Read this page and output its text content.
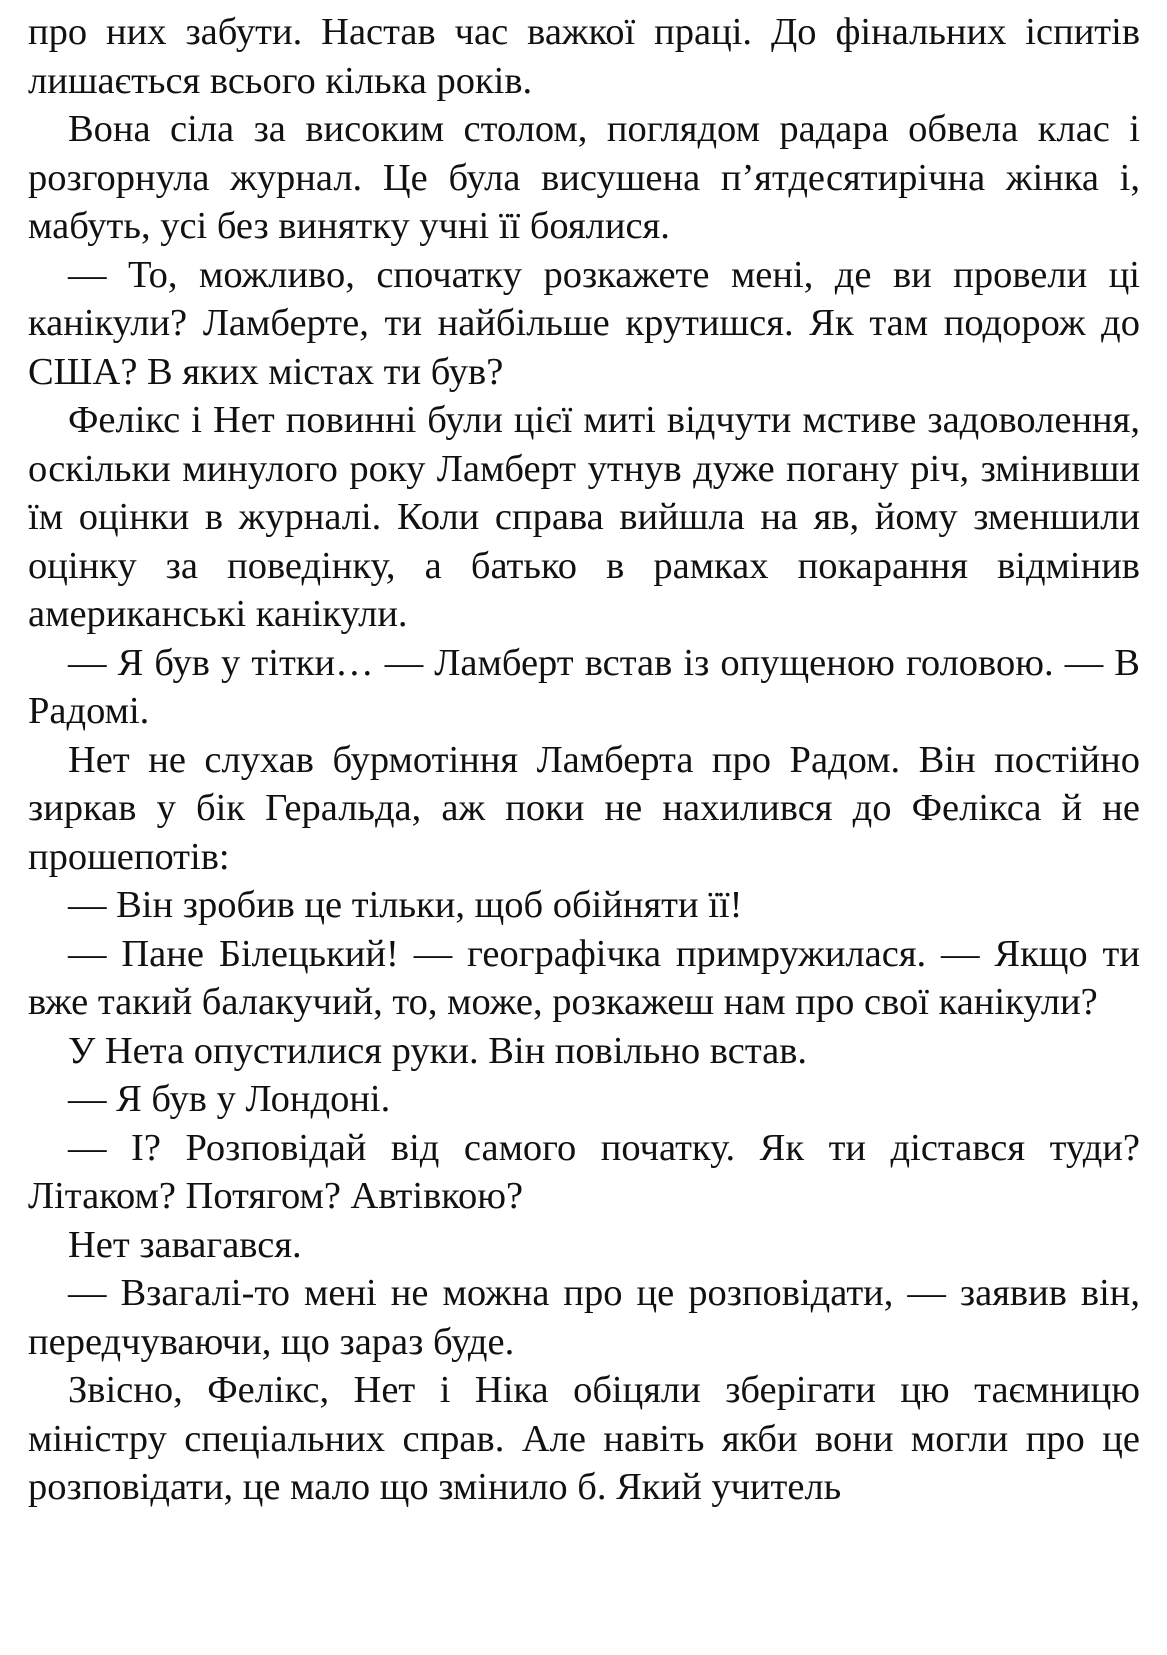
про них забути. Настав час важкої праці. До фінальних іспитів лишається всього кілька років.

Вона сіла за високим столом, поглядом радара обвела клас і розгорнула журнал. Це була висушена п’ятдесятирічна жінка і, мабуть, усі без винятку учні її боялися.

— То, можливо, спочатку розкажете мені, де ви провели ці канікули? Ламберте, ти найбільше крутишся. Як там подорож до США? В яких містах ти був?

Фелікс і Нет повинні були цієї миті відчути мстиве задоволення, оскільки минулого року Ламберт утнув дуже погану річ, змінивши їм оцінки в журналі. Коли справа вийшла на яв, йому зменшили оцінку за поведінку, а батько в рамках покарання відмінив американські канікули.

— Я був у тітки… — Ламберт встав із опущеною головою. — В Радомі.

Нет не слухав бурмотіння Ламберта про Радом. Він постійно зиркав у бік Геральда, аж поки не нахилився до Фелікса й не прошепотів:

— Він зробив це тільки, щоб обійняти її!

— Пане Білецький! — географічка примружилася. — Якщо ти вже такий балакучий, то, може, розкажеш нам про свої канікули?

У Нета опустилися руки. Він повільно встав.

— Я був у Лондоні.

— І? Розповідай від самого початку. Як ти дістався туди? Літаком? Потягом? Автівкою?

Нет завагався.

— Взагалі-то мені не можна про це розповідати, — заявив він, передчуваючи, що зараз буде.

Звісно, Фелікс, Нет і Ніка обіцяли зберігати цю таємницю міністру спеціальних справ. Але навіть якби вони могли про це розповідати, це мало що змінило б. Який учитель
